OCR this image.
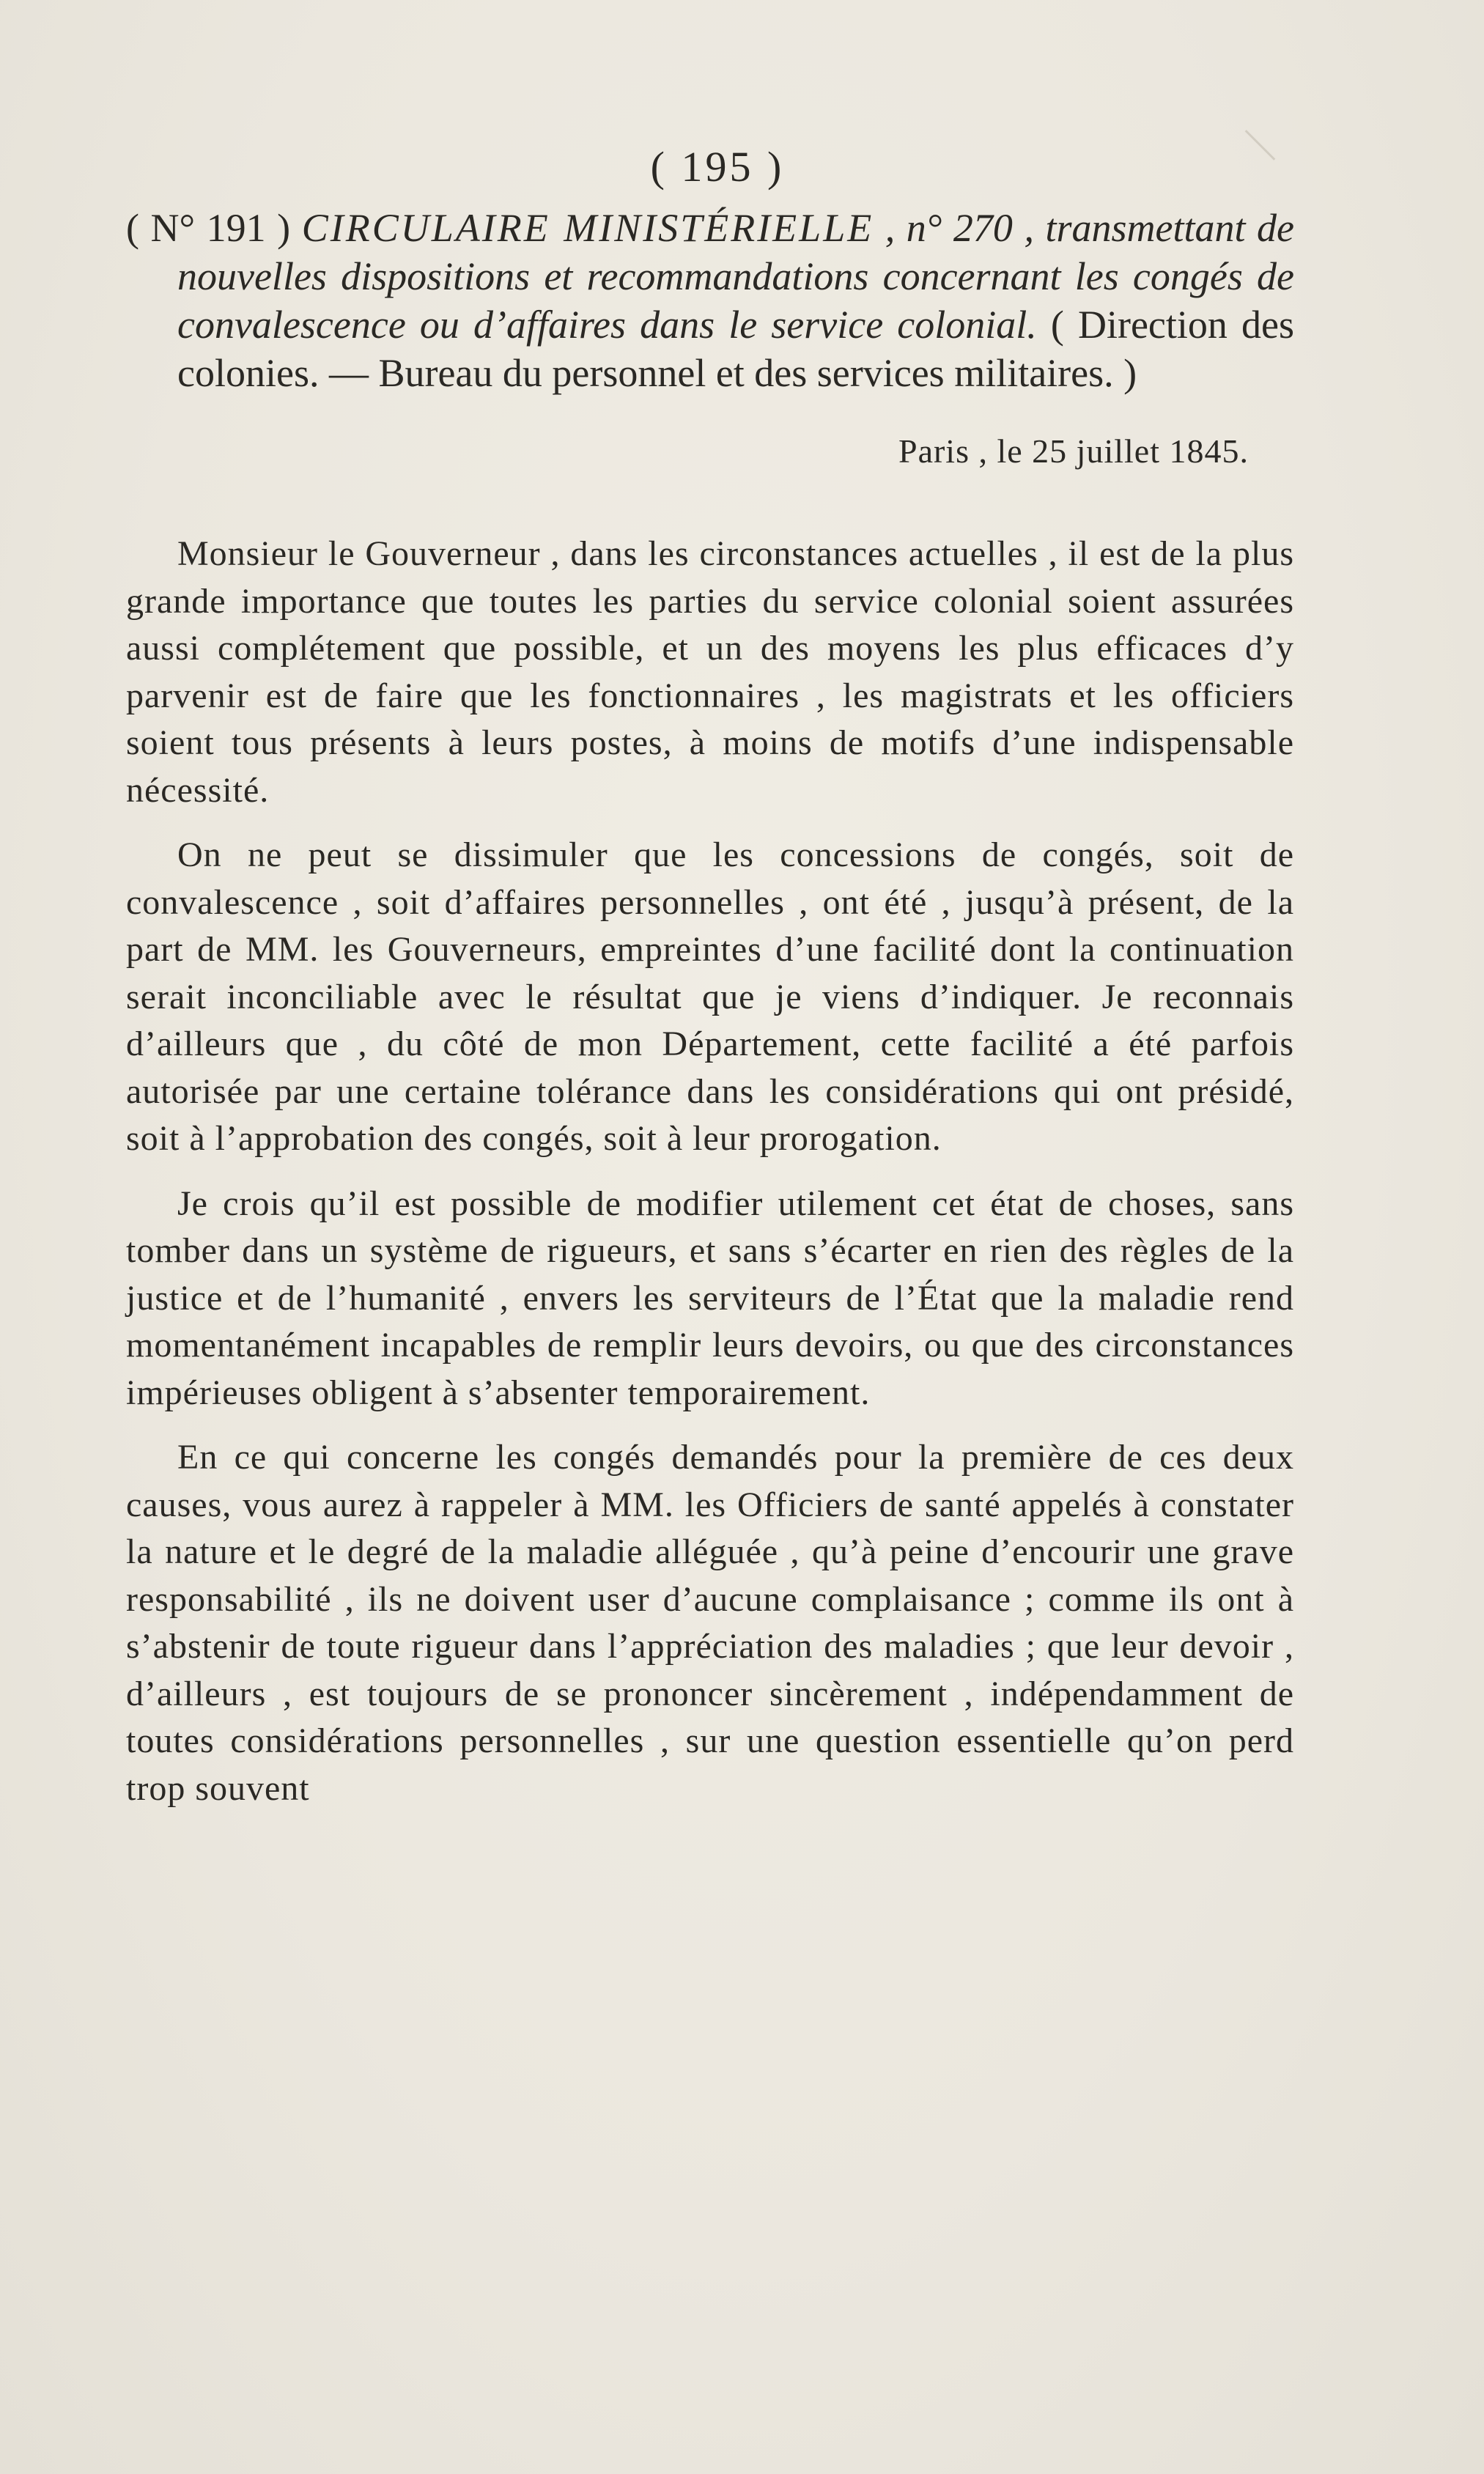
( 195 )
( N° 191 ) CIRCULAIRE MINISTÉRIELLE , n° 270 , transmettant de nouvelles dispositions et recommandations concernant les congés de convalescence ou d’affaires dans le service colonial. ( Direction des colonies. — Bureau du personnel et des services militaires. )
Paris , le 25 juillet 1845.

Monsieur le Gouverneur , dans les circonstances actuelles , il est de la plus grande importance que toutes les parties du service colonial soient assurées aussi complétement que possible, et un des moyens les plus efficaces d’y parvenir est de faire que les fonctionnaires , les magistrats et les officiers soient tous présents à leurs postes, à moins de motifs d’une indispensable nécessité.

On ne peut se dissimuler que les concessions de congés, soit de convalescence , soit d’affaires personnelles , ont été , jusqu’à présent, de la part de MM. les Gouverneurs, empreintes d’une facilité dont la continuation serait inconciliable avec le résultat que je viens d’indiquer. Je reconnais d’ailleurs que , du côté de mon Département, cette facilité a été parfois autorisée par une certaine tolérance dans les considérations qui ont présidé, soit à l’approbation des congés, soit à leur prorogation.

Je crois qu’il est possible de modifier utilement cet état de choses, sans tomber dans un système de rigueurs, et sans s’écarter en rien des règles de la justice et de l’humanité , envers les serviteurs de l’État que la maladie rend momentanément incapables de remplir leurs devoirs, ou que des circonstances impérieuses obligent à s’absenter temporairement.

En ce qui concerne les congés demandés pour la première de ces deux causes, vous aurez à rappeler à MM. les Officiers de santé appelés à constater la nature et le degré de la maladie alléguée , qu’à peine d’encourir une grave responsabilité , ils ne doivent user d’aucune complaisance ; comme ils ont à s’abstenir de toute rigueur dans l’appréciation des maladies ; que leur devoir , d’ailleurs , est toujours de se prononcer sincèrement , indépendamment de toutes considérations personnelles , sur une question essentielle qu’on perd trop souvent
